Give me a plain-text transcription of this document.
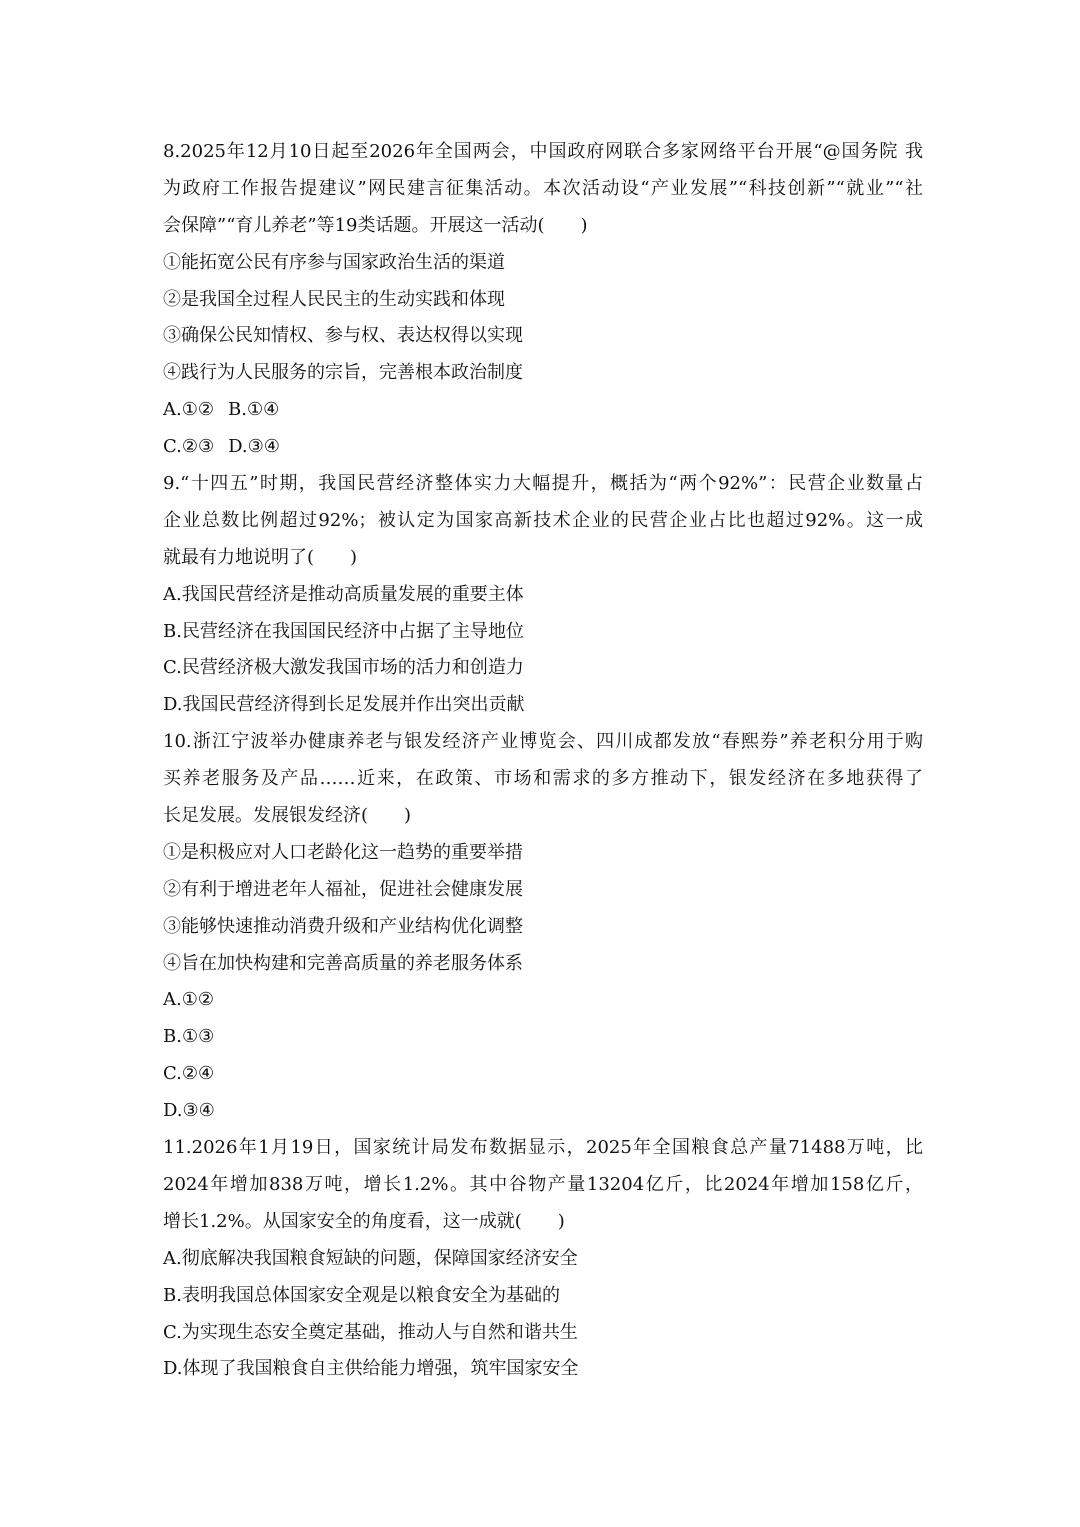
8.2025年12月10日起至2026年全国两会，中国政府网联合多家网络平台开展“@国务院 我
为政府工作报告提建议”网民建言征集活动。本次活动设“产业发展”“科技创新”“就业”“社
会保障”“育儿养老”等19类话题。开展这一活动(　　)
①能拓宽公民有序参与国家政治生活的渠道
②是我国全过程人民民主的生动实践和体现
③确保公民知情权、参与权、表达权得以实现
④践行为人民服务的宗旨，完善根本政治制度
A.①② B.①④
C.②③ D.③④
9.“十四五”时期，我国民营经济整体实力大幅提升，概括为“两个92%”：民营企业数量占
企业总数比例超过92%；被认定为国家高新技术企业的民营企业占比也超过92%。这一成
就最有力地说明了(　　)
A.我国民营经济是推动高质量发展的重要主体
B.民营经济在我国国民经济中占据了主导地位
C.民营经济极大激发我国市场的活力和创造力
D.我国民营经济得到长足发展并作出突出贡献
10.浙江宁波举办健康养老与银发经济产业博览会、四川成都发放“春熙券”养老积分用于购
买养老服务及产品……近来，在政策、市场和需求的多方推动下，银发经济在多地获得了
长足发展。发展银发经济(　　)
①是积极应对人口老龄化这一趋势的重要举措
②有利于增进老年人福祉，促进社会健康发展
③能够快速推动消费升级和产业结构优化调整
④旨在加快构建和完善高质量的养老服务体系
A.①②
B.①③
C.②④
D.③④
11.2026年1月19日，国家统计局发布数据显示，2025年全国粮食总产量71488万吨，比
2024年增加838万吨，增长1.2%。其中谷物产量13204亿斤，比2024年增加158亿斤，
增长1.2%。从国家安全的角度看，这一成就(　　)
A.彻底解决我国粮食短缺的问题，保障国家经济安全
B.表明我国总体国家安全观是以粮食安全为基础的
C.为实现生态安全奠定基础，推动人与自然和谐共生
D.体现了我国粮食自主供给能力增强，筑牢国家安全
